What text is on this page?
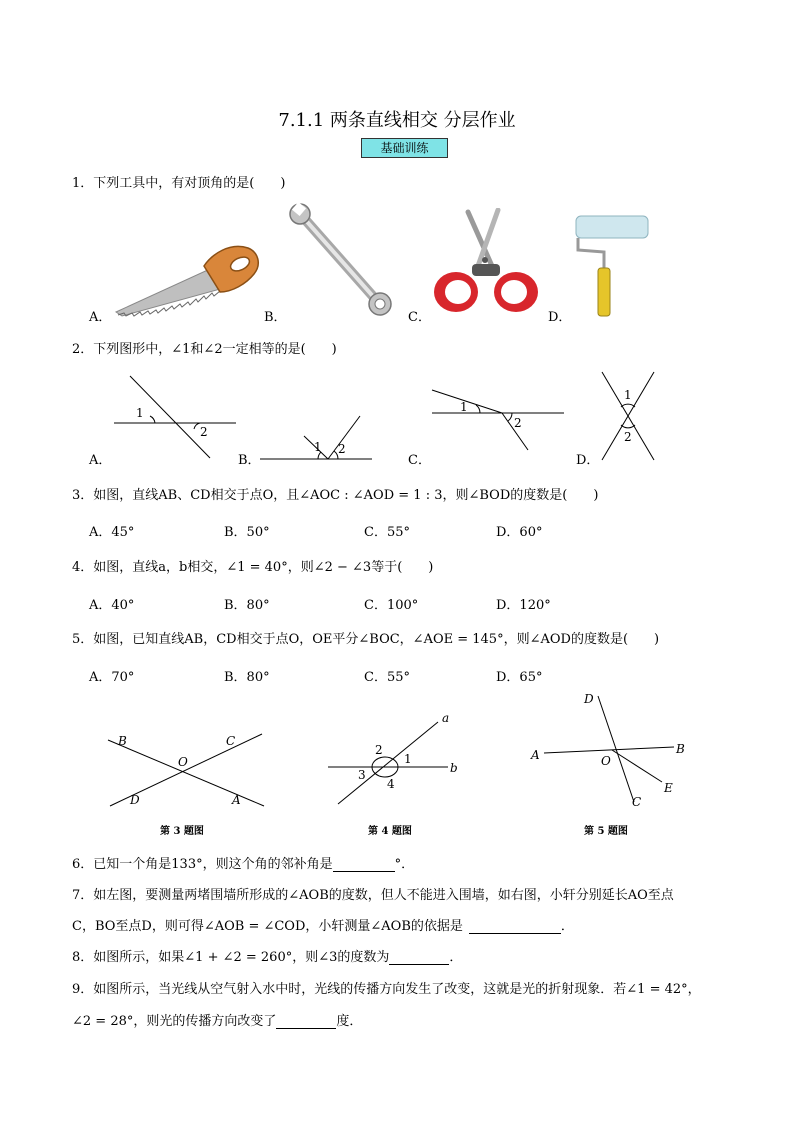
7.1.1 两条直线相交 分层作业
基础训练
1．下列工具中，有对顶角的是(　　)
A．	B．	C．	D．
2．下列图形中，∠1和∠2一定相等的是(　　)
A．	B．	C．	D．
1
2
1 2
1
2
1
2
3．如图，直线AB、CD相交于点O，且∠AOC : ∠AOD = 1 : 3，则∠BOD的度数是(　　)
A．45°	B．50°	C．55°	D．60°
4．如图，直线a，b相交，∠1 = 40°，则∠2 − ∠3等于(　　)
A．40°	B．80°	C．100°	D．120°
5．如图，已知直线AB，CD相交于点O，OE平分∠BOC，∠AOE = 145°，则∠AOD的度数是(　　)
A．70°	B．80°	C．55°	D．65°
B	C
O
D	A
第 3 题图
a
b
1
2
3
4
第 4 题图
D
B
A	O
E
C
第 5 题图
6．已知一个角是133°，则这个角的邻补角是	°．
7．如左图，要测量两堵围墙所形成的∠AOB的度数，但人不能进入围墙，如右图，小轩分别延长AO至点
C，BO至点D，则可得∠AOB = ∠COD，小轩测量∠AOB的依据是	．
8．如图所示，如果∠1 + ∠2 = 260°，则∠3的度数为	．
9．如图所示，当光线从空气射入水中时，光线的传播方向发生了改变，这就是光的折射现象．若∠1 = 42°，
∠2 = 28°，则光的传播方向改变了	度．
